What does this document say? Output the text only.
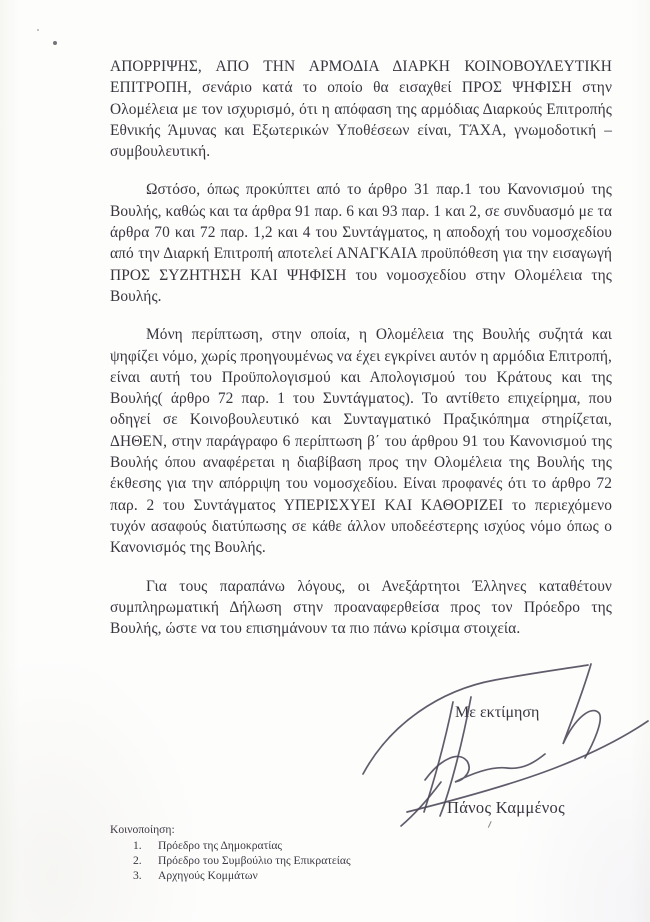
ΑΠΟΡΡΙΨΗΣ, ΑΠΟ ΤΗΝ ΑΡΜΟΔΙΑ ΔΙΑΡΚΗ ΚΟΙΝΟΒΟΥΛΕΥΤΙΚΗ ΕΠΙΤΡΟΠΗ, σενάριο κατά το οποίο θα εισαχθεί ΠΡΟΣ ΨΗΦΙΣΗ στην Ολομέλεια με τον ισχυρισμό, ότι η απόφαση της αρμόδιας Διαρκούς Επιτροπής Εθνικής Άμυνας και Εξωτερικών Υποθέσεων είναι, ΤΆΧΑ, γνωμοδοτική – συμβουλευτική.

Ωστόσο, όπως προκύπτει από το άρθρο 31 παρ.1 του Κανονισμού της Βουλής, καθώς και τα άρθρα 91 παρ. 6 και 93 παρ. 1 και 2, σε συνδυασμό με τα άρθρα 70 και 72 παρ. 1,2 και 4 του Συντάγματος, η αποδοχή του νομοσχεδίου από την Διαρκή Επιτροπή αποτελεί ΑΝΑΓΚΑΙΑ προϋπόθεση για την εισαγωγή ΠΡΟΣ ΣΥΖΗΤΗΣΗ ΚΑΙ ΨΗΦΙΣΗ του νομοσχεδίου στην Ολομέλεια της Βουλής.

Μόνη περίπτωση, στην οποία, η Ολομέλεια της Βουλής συζητά και ψηφίζει νόμο, χωρίς προηγουμένως να έχει εγκρίνει αυτόν η αρμόδια Επιτροπή, είναι αυτή του Προϋπολογισμού και Απολογισμού του Κράτους και της Βουλής( άρθρο 72 παρ. 1 του Συντάγματος). Το αντίθετο επιχείρημα, που οδηγεί σε Κοινοβουλευτικό και Συνταγματικό Πραξικόπημα στηρίζεται, ΔΗΘΕΝ, στην παράγραφο 6 περίπτωση β΄ του άρθρου 91 του Κανονισμού της Βουλής όπου αναφέρεται η διαβίβαση προς την Ολομέλεια της Βουλής της έκθεσης για την απόρριψη του νομοσχεδίου. Είναι προφανές ότι το άρθρο 72 παρ. 2 του Συντάγματος ΥΠΕΡΙΣΧΥΕΙ ΚΑΙ ΚΑΘΟΡΙΖΕΙ το περιεχόμενο τυχόν ασαφούς διατύπωσης σε κάθε άλλον υποδεέστερης ισχύος νόμο όπως ο Κανονισμός της Βουλής.

Για τους παραπάνω λόγους, οι Ανεξάρτητοι Έλληνες καταθέτουν συμπληρωματική Δήλωση στην προαναφερθείσα προς τον Πρόεδρο της Βουλής, ώστε να του επισημάνουν τα πιο πάνω κρίσιμα στοιχεία.

Με εκτίμηση
Πάνος Καμμένος

Κοινοποίηση:

1.	Πρόεδρο της Δημοκρατίας
2.	Πρόεδρο του Συμβούλιο της Επικρατείας
3.	Αρχηγούς Κομμάτων
